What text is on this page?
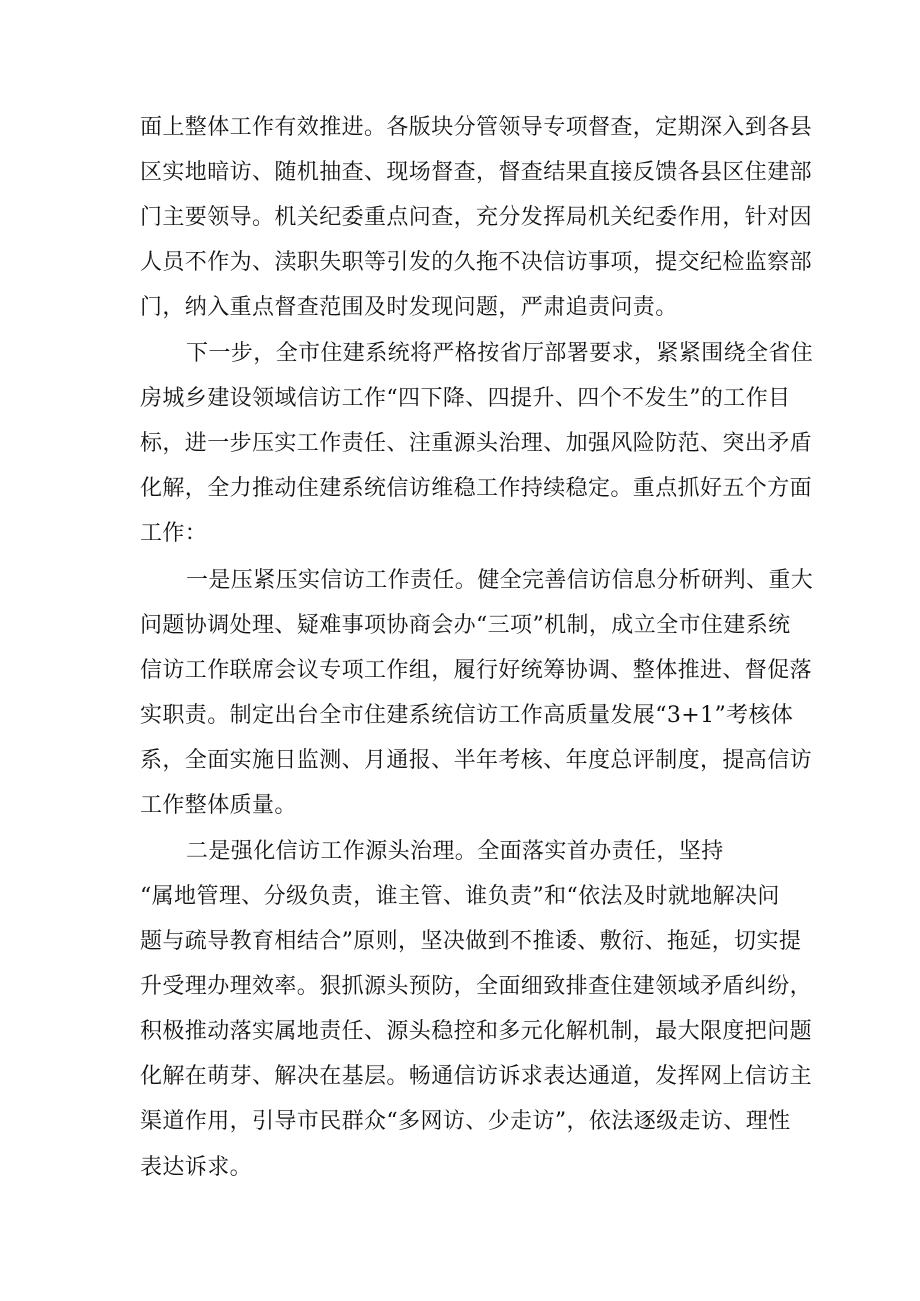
面上整体工作有效推进。各版块分管领导专项督查，定期深入到各县
区实地暗访、随机抽查、现场督查，督查结果直接反馈各县区住建部
门主要领导。机关纪委重点问查，充分发挥局机关纪委作用，针对因
人员不作为、渎职失职等引发的久拖不决信访事项，提交纪检监察部
门，纳入重点督查范围及时发现问题，严肃追责问责。
下一步，全市住建系统将严格按省厅部署要求，紧紧围绕全省住
房城乡建设领域信访工作“四下降、四提升、四个不发生”的工作目
标，进一步压实工作责任、注重源头治理、加强风险防范、突出矛盾
化解，全力推动住建系统信访维稳工作持续稳定。重点抓好五个方面
工作：
一是压紧压实信访工作责任。健全完善信访信息分析研判、重大
问题协调处理、疑难事项协商会办“三项”机制，成立全市住建系统
信访工作联席会议专项工作组，履行好统筹协调、整体推进、督促落
实职责。制定出台全市住建系统信访工作高质量发展“3+1”考核体
系，全面实施日监测、月通报、半年考核、年度总评制度，提高信访
工作整体质量。
二是强化信访工作源头治理。全面落实首办责任，坚持
“属地管理、分级负责，谁主管、谁负责”和“依法及时就地解决问
题与疏导教育相结合”原则，坚决做到不推诿、敷衍、拖延，切实提
升受理办理效率。狠抓源头预防，全面细致排查住建领域矛盾纠纷，
积极推动落实属地责任、源头稳控和多元化解机制，最大限度把问题
化解在萌芽、解决在基层。畅通信访诉求表达通道，发挥网上信访主
渠道作用，引导市民群众“多网访、少走访”，依法逐级走访、理性
表达诉求。
